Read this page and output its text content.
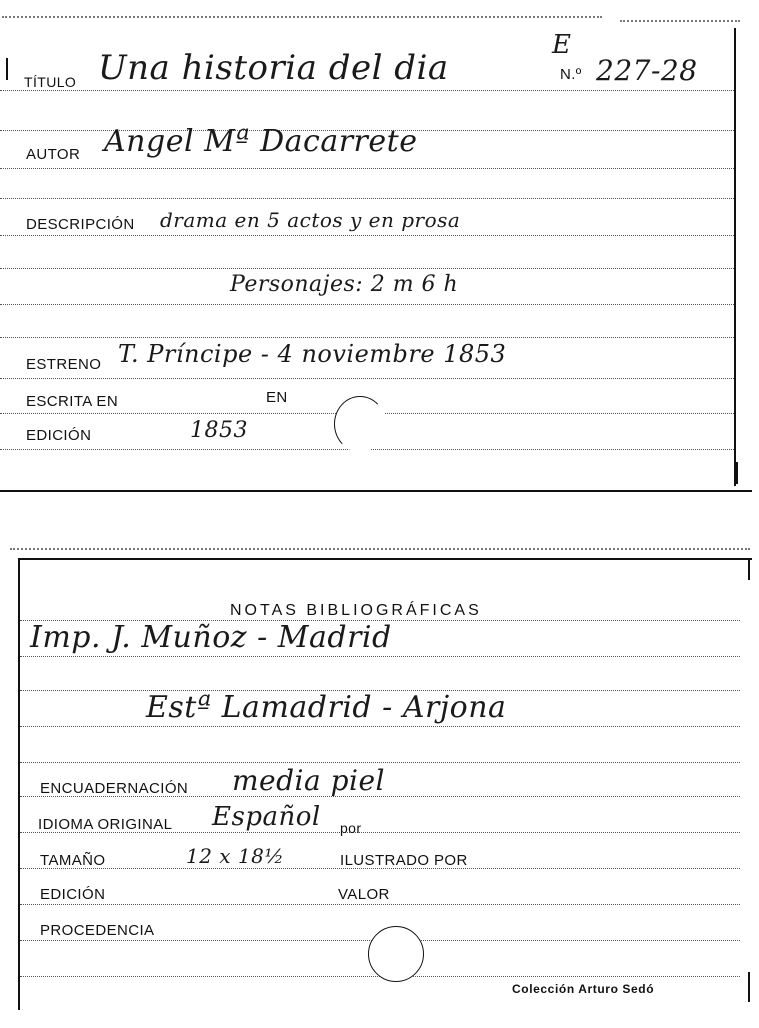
TÍTULO Una historia del dia
E
N.º 227-28
AUTOR Angel Mª Dacarrete
DESCRIPCIÓN drama en 5 actos y en prosa
Personajes: 2 m 6 h
ESTRENO T. Príncipe - 4 noviembre 1853
ESCRITA EN	EN
EDICIÓN	1853
NOTAS BIBLIOGRÁFICAS
Imp. J. Muñoz - Madrid
Estª Lamadrid - Arjona
ENCUADERNACIÓN media piel
IDIOMA ORIGINAL Español por
TAMAÑO	12 x 18½	ILUSTRADO POR
EDICIÓN	VALOR
PROCEDENCIA
Colección Arturo Sedó
